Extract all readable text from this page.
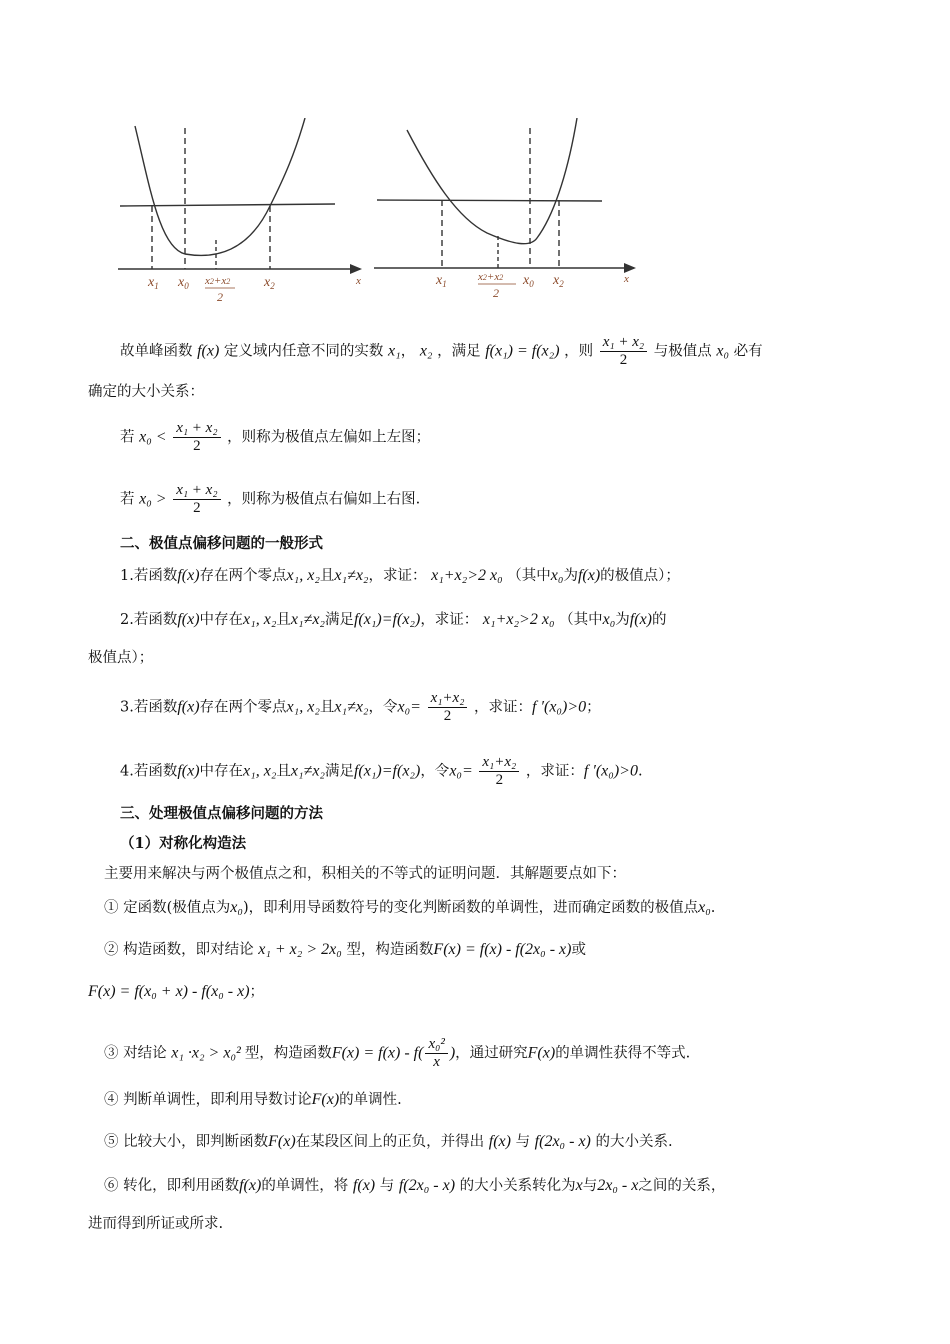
$x_1$ $x_0$ x2+x2
2
$x_2$	x	$x_1$
x2+x2
2
$x_0$ $x_2$	x
故单峰函数 f(x) 定义域内任意不同的实数 x₁， x₂ ，满足 f(x₁) = f(x₂) ，则 $\frac{\text{x₁ + x₂}}{2}$ 与极值点 x₀ 必有
确定的大小关系：
若 $x_0 < \frac{\text{x₁ + x₂}}{2}$ ，则称为极值点左偏如上左图；
若 $x_0 > \frac{\text{x₁ + x₂}}{2}$ ，则称为极值点右偏如上右图.
二、极值点偏移问题的一般形式
1.若函数f(x)存在两个零点x₁, x₂且x₁≠x₂，求证： x₁+x₂>2 x₀ （其中x₀为f(x)的极值点）；
2.若函数f(x)中存在x₁, x₂且x₁≠x₂满足f(x₁)=f(x₂)，求证： x₁+x₂>2 x₀ （其中x₀为f(x)的
极值点）；
3.若函数f(x)存在两个零点x₁, x₂且x₁≠x₂，令$x_0= \frac{\text{x₁+x₂}}{2}$ ，求证：f ′(x₀)>0；
4.若函数f(x)中存在x₁, x₂且x₁≠x₂满足f(x₁)=f(x₂)，令$x_0= \frac{\text{x₁+x₂}}{2}$ ，求证：f ′(x₀)>0.
三、处理极值点偏移问题的方法
（1）对称化构造法
主要用来解决与两个极值点之和，积相关的不等式的证明问题．其解题要点如下：
① 定函数(极值点为x₀)，即利用导函数符号的变化判断函数的单调性，进而确定函数的极值点x₀.
② 构造函数，即对结论 x₁ + x₂ > 2x₀ 型，构造函数F(x) = f(x) - f(2x₀ - x)或
F(x) = f(x₀ + x) - f(x₀ - x)；
③ 对结论 x₁ ·x₂ > x₀² 型，构造函数$F(x) = f(x) - f( \frac{\text{x₀²}}{x}$ )，通过研究F(x)的单调性获得不等式.
④ 判断单调性，即利用导数讨论F(x)的单调性.
⑤ 比较大小，即判断函数F(x)在某段区间上的正负，并得出 f(x) 与 f(2x₀ - x) 的大小关系.
⑥ 转化，即利用函数f(x)的单调性，将 f(x) 与 f(2x₀ - x) 的大小关系转化为x与2x₀ - x之间的关系，
进而得到所证或所求.
